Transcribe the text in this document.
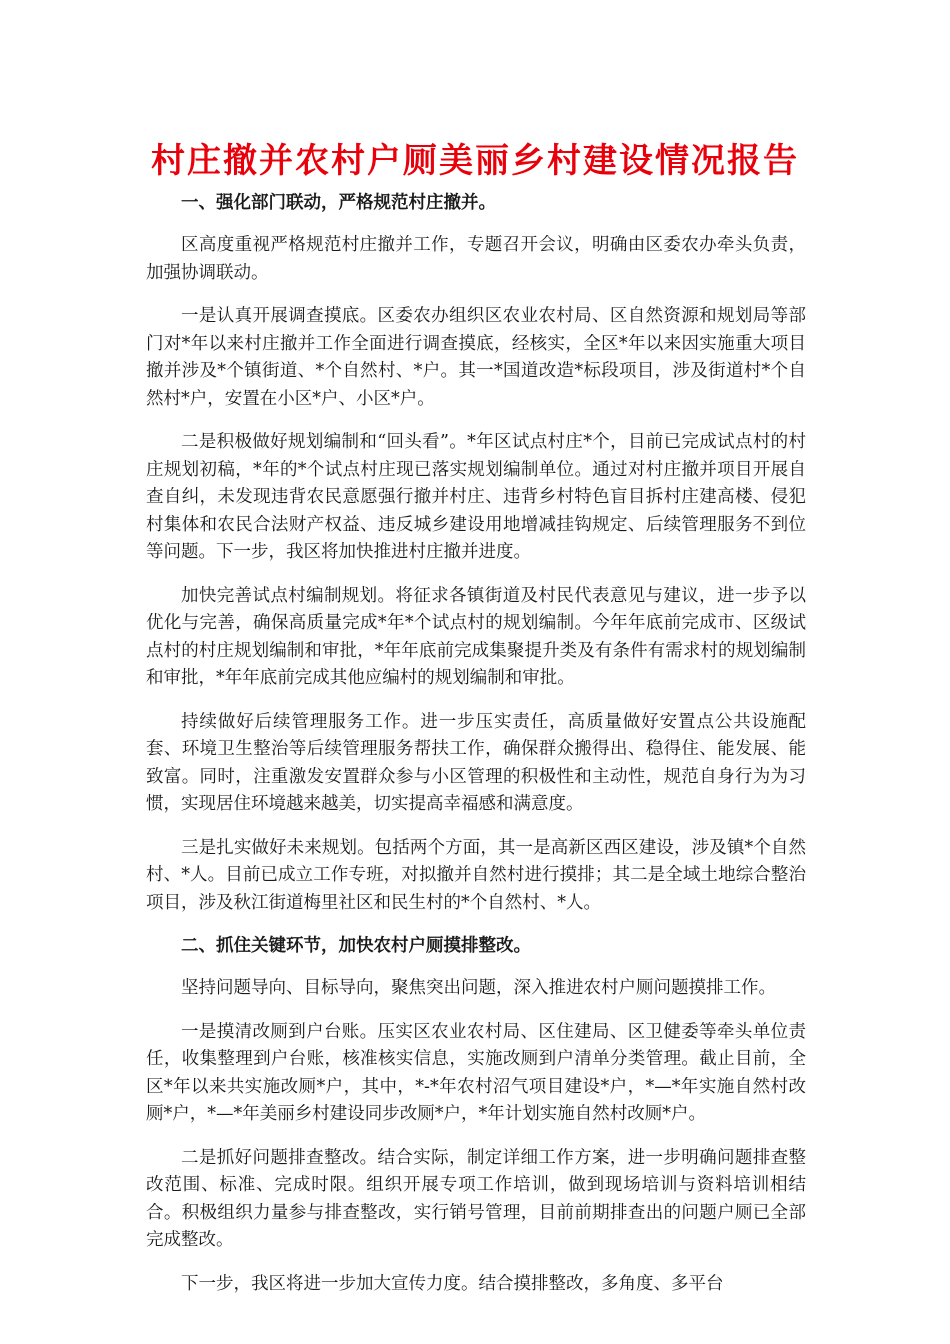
村庄撤并农村户厕美丽乡村建设情况报告

一、强化部门联动，严格规范村庄撤并。

区高度重视严格规范村庄撤并工作，专题召开会议，明确由区委农办牵头负责，加强协调联动。

一是认真开展调查摸底。区委农办组织区农业农村局、区自然资源和规划局等部门对*年以来村庄撤并工作全面进行调查摸底，经核实，全区*年以来因实施重大项目撤并涉及*个镇街道、*个自然村、*户。其一*国道改造*标段项目，涉及街道村*个自然村*户，安置在小区*户、小区*户。

二是积极做好规划编制和“回头看”。*年区试点村庄*个，目前已完成试点村的村庄规划初稿，*年的*个试点村庄现已落实规划编制单位。通过对村庄撤并项目开展自查自纠，未发现违背农民意愿强行撤并村庄、违背乡村特色盲目拆村庄建高楼、侵犯村集体和农民合法财产权益、违反城乡建设用地增减挂钩规定、后续管理服务不到位等问题。下一步，我区将加快推进村庄撤并进度。

加快完善试点村编制规划。将征求各镇街道及村民代表意见与建议，进一步予以优化与完善，确保高质量完成*年*个试点村的规划编制。今年年底前完成市、区级试点村的村庄规划编制和审批，*年年底前完成集聚提升类及有条件有需求村的规划编制和审批，*年年底前完成其他应编村的规划编制和审批。

持续做好后续管理服务工作。进一步压实责任，高质量做好安置点公共设施配套、环境卫生整治等后续管理服务帮扶工作，确保群众搬得出、稳得住、能发展、能致富。同时，注重激发安置群众参与小区管理的积极性和主动性，规范自身行为为习惯，实现居住环境越来越美，切实提高幸福感和满意度。

三是扎实做好未来规划。包括两个方面，其一是高新区西区建设，涉及镇*个自然村、*人。目前已成立工作专班，对拟撤并自然村进行摸排；其二是全域土地综合整治项目，涉及秋江街道梅里社区和民生村的*个自然村、*人。

二、抓住关键环节，加快农村户厕摸排整改。

坚持问题导向、目标导向，聚焦突出问题，深入推进农村户厕问题摸排工作。

一是摸清改厕到户台账。压实区农业农村局、区住建局、区卫健委等牵头单位责任，收集整理到户台账，核准核实信息，实施改厕到户清单分类管理。截止目前，全区*年以来共实施改厕*户，其中，*-*年农村沼气项目建设*户，*—*年实施自然村改厕*户，*—*年美丽乡村建设同步改厕*户，*年计划实施自然村改厕*户。

二是抓好问题排查整改。结合实际，制定详细工作方案，进一步明确问题排查整改范围、标准、完成时限。组织开展专项工作培训，做到现场培训与资料培训相结合。积极组织力量参与排查整改，实行销号管理，目前前期排查出的问题户厕已全部完成整改。

下一步，我区将进一步加大宣传力度。结合摸排整改，多角度、多平台
